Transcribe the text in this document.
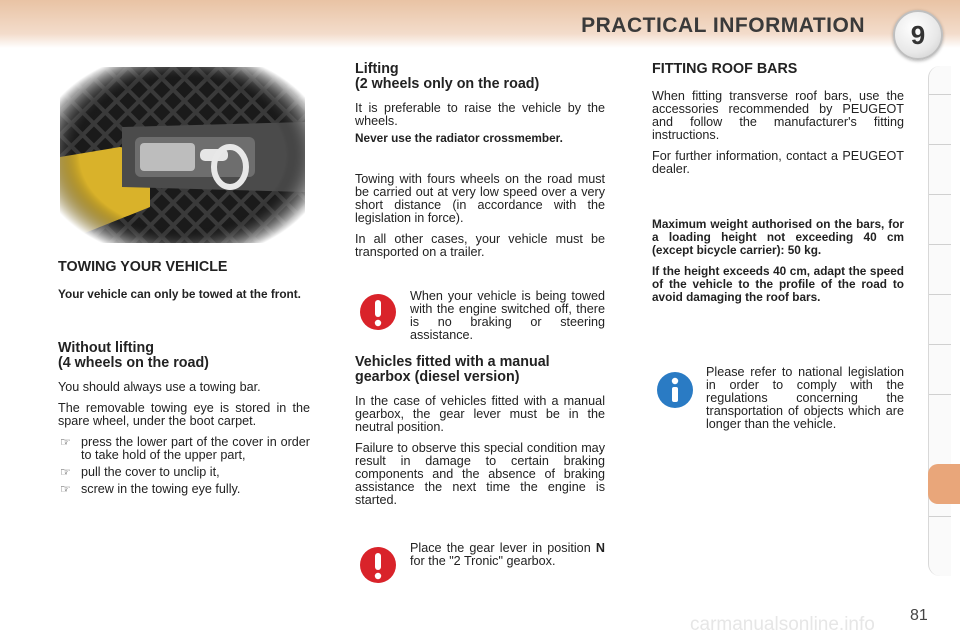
PRACTICAL INFORMATION	9
TOWING YOUR VEHICLE
Your vehicle can only be towed at the front.
Without lifting
(4 wheels on the road)

You should always use a towing bar.

The removable towing eye is stored in the spare wheel, under the boot carpet.

☞ press the lower part of the cover in order to take hold of the upper part,
☞ pull the cover to unclip it,
☞ screw in the towing eye fully.
Lifting
(2 wheels only on the road)

It is preferable to raise the vehicle by the wheels.

Never use the radiator crossmember.

Towing with fours wheels on the road must be carried out at very low speed over a very short distance (in accordance with the legislation in force).

In all other cases, your vehicle must be transported on a trailer.

When your vehicle is being towed with the engine switched off, there is no braking or steering assistance.
Vehicles fitted with a manual
gearbox (diesel version)

In the case of vehicles fitted with a manual gearbox, the gear lever must be in the neutral position.

Failure to observe this special condition may result in damage to certain braking components and the absence of braking assistance the next time the engine is started.

Place the gear lever in position N for the "2 Tronic" gearbox.
FITTING ROOF BARS

When fitting transverse roof bars, use the accessories recommended by PEUGEOT and follow the manufacturer's fitting instructions.

For further information, contact a PEUGEOT dealer.

Maximum weight authorised on the bars, for a loading height not exceeding 40 cm (except bicycle carrier): 50 kg.

If the height exceeds 40 cm, adapt the speed of the vehicle to the profile of the road to avoid damaging the roof bars.

Please refer to national legislation in order to comply with the regulations concerning the transportation of objects which are longer than the vehicle.
81
carmanualsonline.info
